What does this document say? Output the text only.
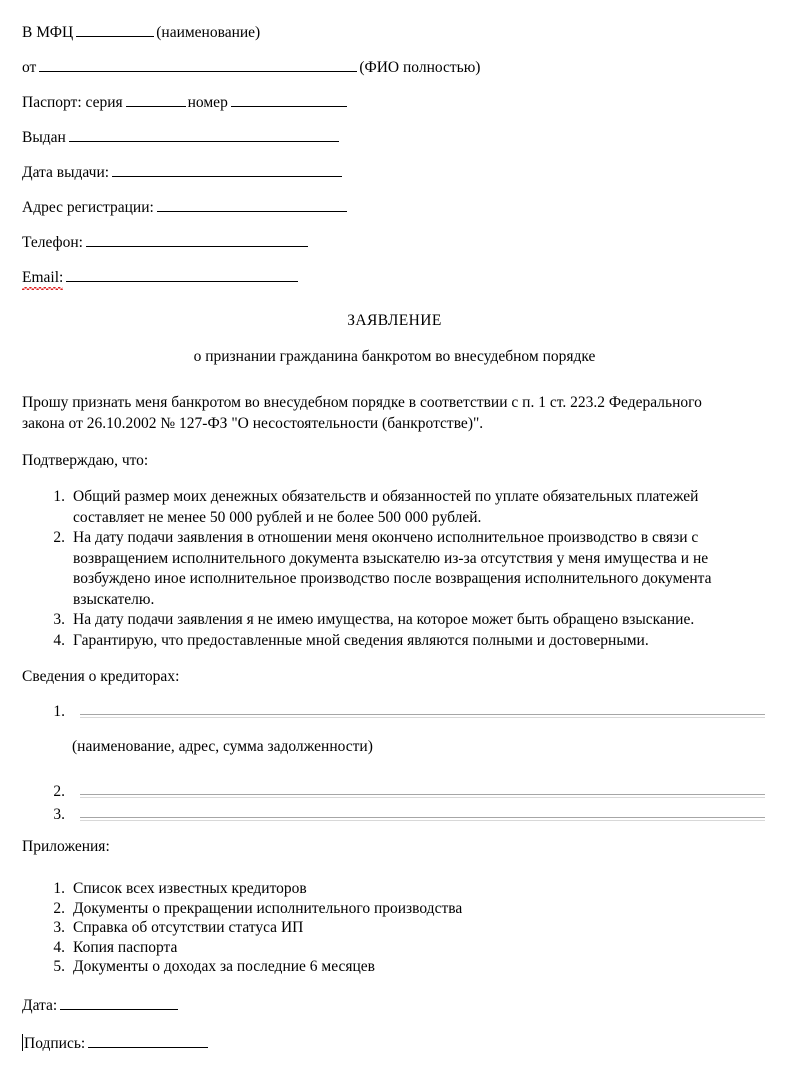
В МФЦ	(наименование)
от	(ФИО полностью)
Паспорт: серия	номер
Выдан
Дата выдачи:
Адрес регистрации:
Телефон:
Email:
ЗАЯВЛЕНИЕ
о признании гражданина банкротом во внесудебном порядке
Прошу признать меня банкротом во внесудебном порядке в соответствии с п. 1 ст. 223.2 Федерального закона от 26.10.2002 № 127-ФЗ "О несостоятельности (банкротстве)".
Подтверждаю, что:
1. Общий размер моих денежных обязательств и обязанностей по уплате обязательных платежей составляет не менее 50 000 рублей и не более 500 000 рублей.
2. На дату подачи заявления в отношении меня окончено исполнительное производство в связи с возвращением исполнительного документа взыскателю из-за отсутствия у меня имущества и не возбуждено иное исполнительное производство после возвращения исполнительного документа взыскателю.
3. На дату подачи заявления я не имею имущества, на которое может быть обращено взыскание.
4. Гарантирую, что предоставленные мной сведения являются полными и достоверными.
Сведения о кредиторах:
1.
(наименование, адрес, сумма задолженности)
2.
3.
Приложения:
1. Список всех известных кредиторов
2. Документы о прекращении исполнительного производства
3. Справка об отсутствии статуса ИП
4. Копия паспорта
5. Документы о доходах за последние 6 месяцев
Дата:
Подпись:
